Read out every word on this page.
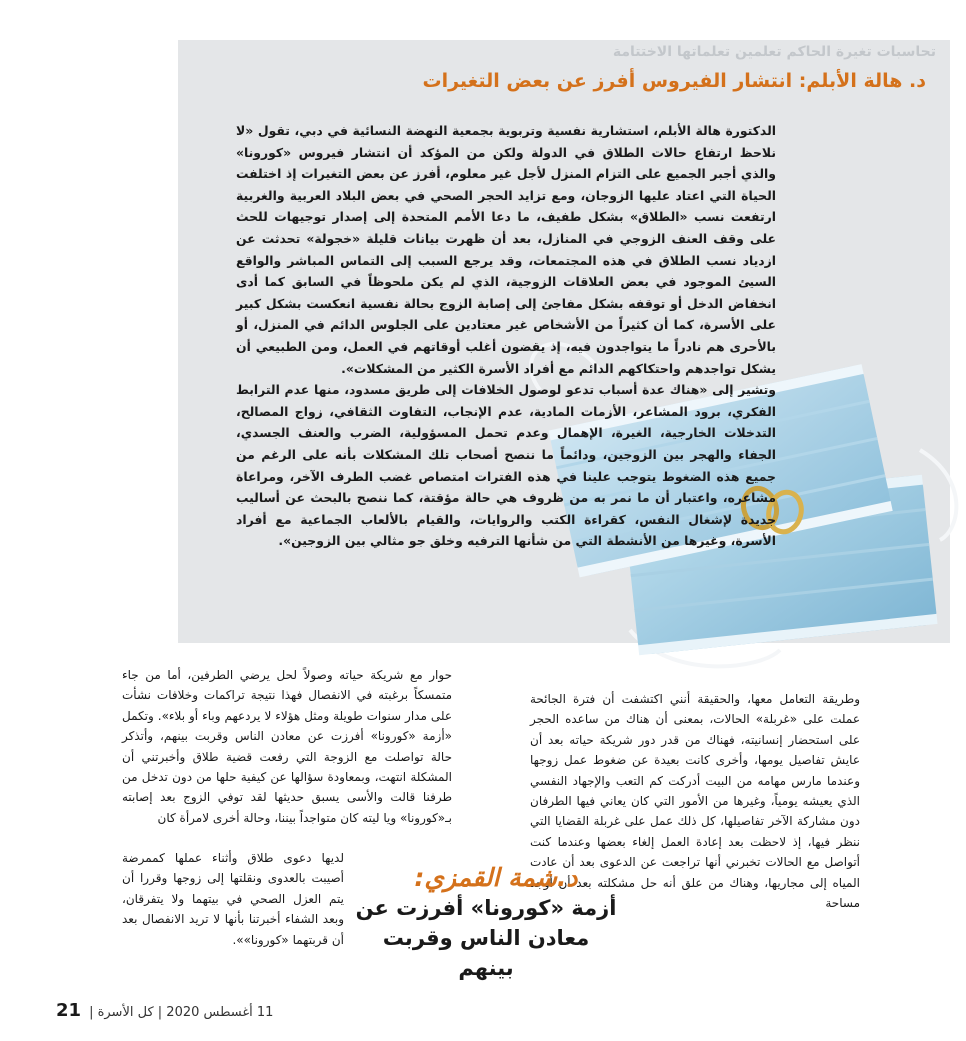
تحاسبات تغيرة الحاكم تعلمين تعلماتها الاختتامة
د. هالة الأبلم: انتشار الفيروس أفرز عن بعض التغيرات

الدكتورة هالة الأبلم، استشارية نفسية وتربوية بجمعية النهضة النسائية في دبي، تقول «لا نلاحظ ارتفاع حالات الطلاق في الدولة ولكن من المؤكد أن انتشار فيروس «كورونا» والذي أجبر الجميع على التزام المنزل لأجل غير معلوم، أفرز عن بعض التغيرات إذ اختلفت الحياة التي اعتاد عليها الزوجان، ومع تزايد الحجر الصحي في بعض البلاد العربية والغربية ارتفعت نسب «الطلاق» بشكل طفيف، ما دعا الأمم المتحدة إلى إصدار توجيهات للحث على وقف العنف الزوجي في المنازل، بعد أن ظهرت بيانات قليلة «خجولة» تحدثت عن ازدياد نسب الطلاق في هذه المجتمعات، وقد يرجع السبب إلى التماس المباشر والواقع السيئ الموجود في بعض العلاقات الزوجية، الذي لم يكن ملحوظاً في السابق كما أدى انخفاض الدخل أو توقفه بشكل مفاجئ إلى إصابة الزوج بحالة نفسية انعكست بشكل كبير على الأسرة، كما أن كثيراً من الأشخاص غير معتادين على الجلوس الدائم في المنزل، أو بالأحرى هم نادراً ما يتواجدون فيه، إذ يقضون أغلب أوقاتهم في العمل، ومن الطبيعي أن يشكل تواجدهم واحتكاكهم الدائم مع أفراد الأسرة الكثير من المشكلات».

وتشير إلى «هناك عدة أسباب تدعو لوصول الخلافات إلى طريق مسدود، منها عدم الترابط الفكري، برود المشاعر، الأزمات المادية، عدم الإنجاب، التفاوت الثقافي، زواج المصالح، التدخلات الخارجية، الغيرة، الإهمال وعدم تحمل المسؤولية، الضرب والعنف الجسدي، الجفاء والهجر بين الزوجين، ودائماً ما ننصح أصحاب تلك المشكلات بأنه على الرغم من جميع هذه الضغوط يتوجب علينا في هذه الفترات امتصاص غضب الطرف الآخر، ومراعاة مشاعره، واعتبار أن ما نمر به من ظروف هي حالة مؤقتة، كما ننصح بالبحث عن أساليب جديدة لإشغال النفس، كقراءة الكتب والروايات، والقيام بالألعاب الجماعية مع أفراد الأسرة، وغيرها من الأنشطة التي من شأنها الترفيه وخلق جو مثالي بين الزوجين».

وطريقة التعامل معها، والحقيقة أنني اكتشفت أن فترة الجائحة عملت على «غربلة» الحالات، بمعنى أن هناك من ساعده الحجر على استحضار إنسانيته، فهناك من قدر دور شريكة حياته بعد أن عايش تفاصيل يومها، وأخرى كانت بعيدة عن ضغوط عمل زوجها وعندما مارس مهامه من البيت أدركت كم التعب والإجهاد النفسي الذي يعيشه يومياً، وغيرها من الأمور التي كان يعاني فيها الطرفان دون مشاركة الآخر تفاصيلها، كل ذلك عمل على غربلة القضايا التي ننظر فيها، إذ لاحظت بعد إعادة العمل إلغاء بعضها وعندما كنت أتواصل مع الحالات تخبرني أنها تراجعت عن الدعوى بعد أن عادت المياه إلى مجاريها، وهناك من علق أنه حل مشكلته بعد أن أوجد مساحة

حوار مع شريكة حياته وصولاً لحل يرضي الطرفين، أما من جاء متمسكاً برغبته في الانفصال فهذا نتيجة تراكمات وخلافات نشأت على مدار سنوات طويلة ومثل هؤلاء لا يردعهم وباء أو بلاء». وتكمل «أزمة «كورونا» أفرزت عن معادن الناس وقربت بينهم، وأتذكر حالة تواصلت مع الزوجة التي رفعت قضية طلاق وأخبرتني أن المشكلة انتهت، وبمعاودة سؤالها عن كيفية حلها من دون تدخل من طرفنا قالت والأسى يسبق حديثها لقد توفي الزوج بعد إصابته بـ«كورونا» ويا ليته كان متواجداً بيننا، وحالة أخرى لامرأة كان

لديها دعوى طلاق وأثناء عملها كممرضة أصيبت بالعدوى ونقلتها إلى زوجها وقررا أن يتم العزل الصحي في بيتهما ولا يتفرقان، وبعد الشفاء أخبرتنا بأنها لا تريد الانفصال بعد أن قربتهما «كورونا»».

د.شمة القمزي:
أزمة «كورونا» أفرزت عن معادن الناس وقربت بينهم
21 11 أغسطس 2020 | كل الأسرة |
